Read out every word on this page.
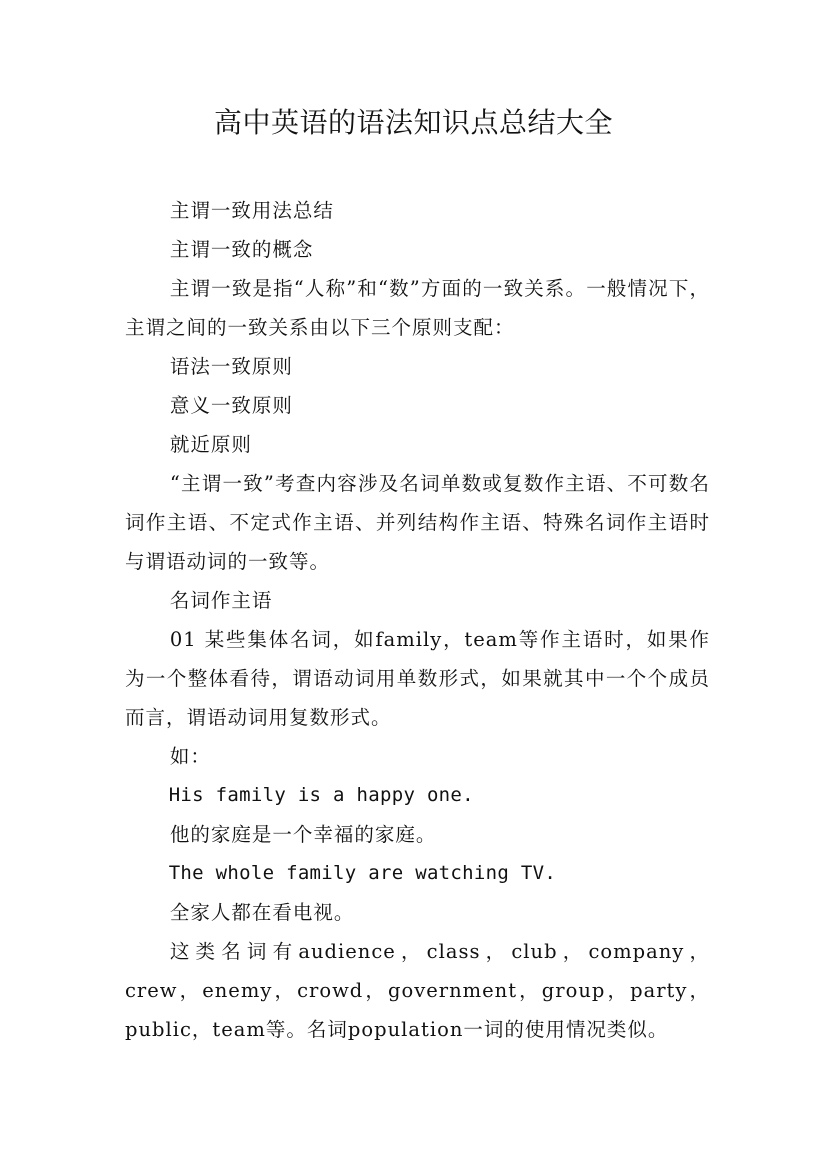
高中英语的语法知识点总结大全

主谓一致用法总结

主谓一致的概念

主谓一致是指“人称”和“数”方面的一致关系。一般情况下，主谓之间的一致关系由以下三个原则支配：

语法一致原则

意义一致原则

就近原则

“主谓一致”考查内容涉及名词单数或复数作主语、不可数名词作主语、不定式作主语、并列结构作主语、特殊名词作主语时与谓语动词的一致等。

名词作主语

01 某些集体名词，如family，team等作主语时，如果作为一个整体看待，谓语动词用单数形式，如果就其中一个个成员而言，谓语动词用复数形式。

如：

His family is a happy one.

他的家庭是一个幸福的家庭。

The whole family are watching TV.

全家人都在看电视。

这类名词有audience，class，club，company，crew，enemy，crowd，government，group，party，public，team等。名词population一词的使用情况类似。
